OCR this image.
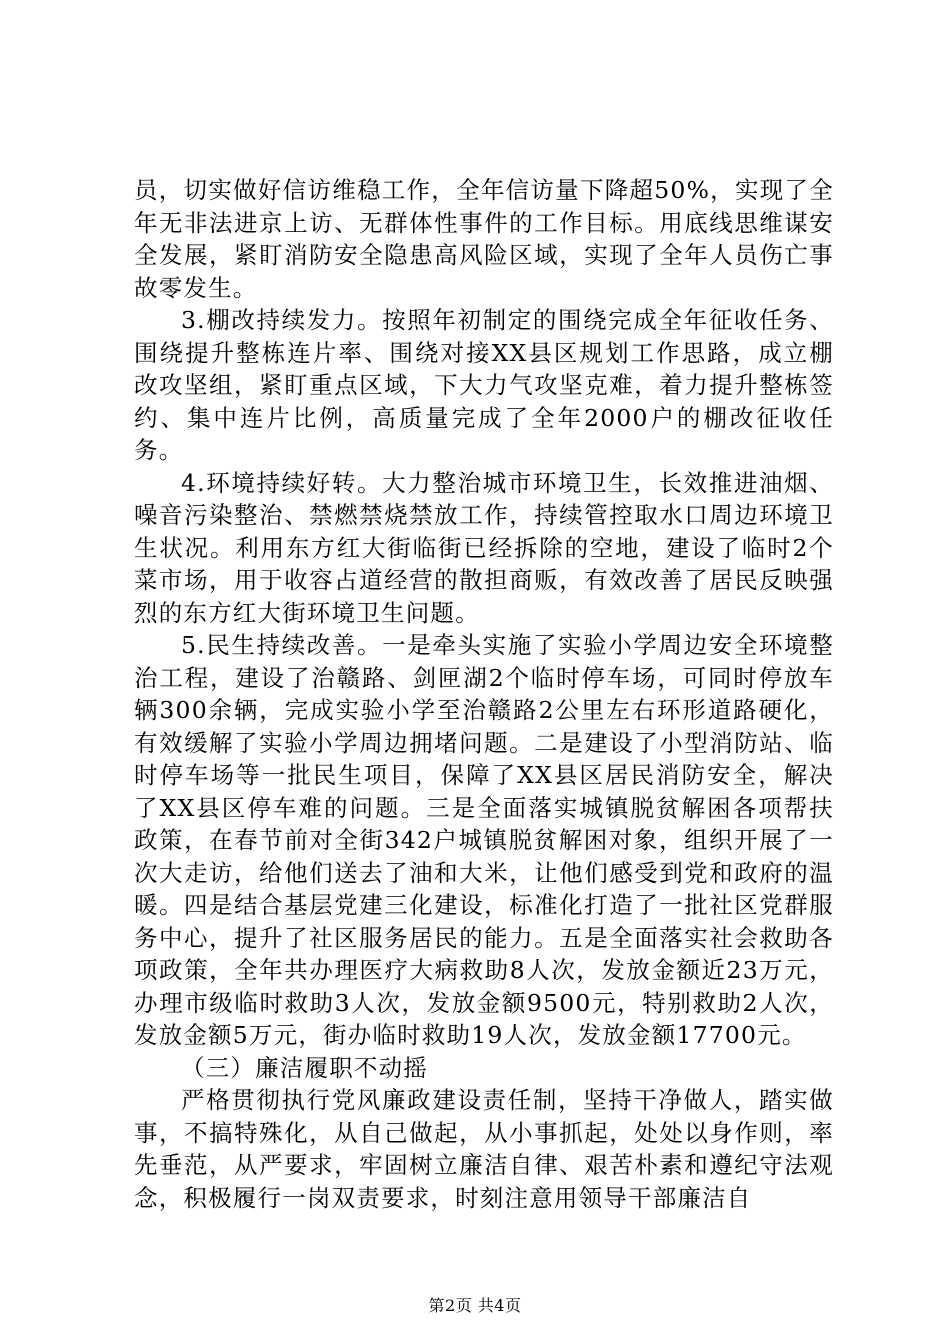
员，切实做好信访维稳工作，全年信访量下降超50%，实现了全年无非法进京上访、无群体性事件的工作目标。用底线思维谋安全发展，紧盯消防安全隐患高风险区域，实现了全年人员伤亡事故零发生。

3.棚改持续发力。按照年初制定的围绕完成全年征收任务、围绕提升整栋连片率、围绕对接XX县区规划工作思路，成立棚改攻坚组，紧盯重点区域，下大力气攻坚克难，着力提升整栋签约、集中连片比例，高质量完成了全年2000户的棚改征收任务。

4.环境持续好转。大力整治城市环境卫生，长效推进油烟、噪音污染整治、禁燃禁烧禁放工作，持续管控取水口周边环境卫生状况。利用东方红大街临街已经拆除的空地，建设了临时2个菜市场，用于收容占道经营的散担商贩，有效改善了居民反映强烈的东方红大街环境卫生问题。

5.民生持续改善。一是牵头实施了实验小学周边安全环境整治工程，建设了治赣路、剑匣湖2个临时停车场，可同时停放车辆300余辆，完成实验小学至治赣路2公里左右环形道路硬化，有效缓解了实验小学周边拥堵问题。二是建设了小型消防站、临时停车场等一批民生项目，保障了XX县区居民消防安全，解决了XX县区停车难的问题。三是全面落实城镇脱贫解困各项帮扶政策，在春节前对全街342户城镇脱贫解困对象，组织开展了一次大走访，给他们送去了油和大米，让他们感受到党和政府的温暖。四是结合基层党建三化建设，标准化打造了一批社区党群服务中心，提升了社区服务居民的能力。五是全面落实社会救助各项政策，全年共办理医疗大病救助8人次，发放金额近23万元，办理市级临时救助3人次，发放金额9500元，特别救助2人次，发放金额5万元，街办临时救助19人次，发放金额17700元。

（三）廉洁履职不动摇

严格贯彻执行党风廉政建设责任制，坚持干净做人，踏实做事，不搞特殊化，从自己做起，从小事抓起，处处以身作则，率先垂范，从严要求，牢固树立廉洁自律、艰苦朴素和遵纪守法观念，积极履行一岗双责要求，时刻注意用领导干部廉洁自

第2页 共4页
